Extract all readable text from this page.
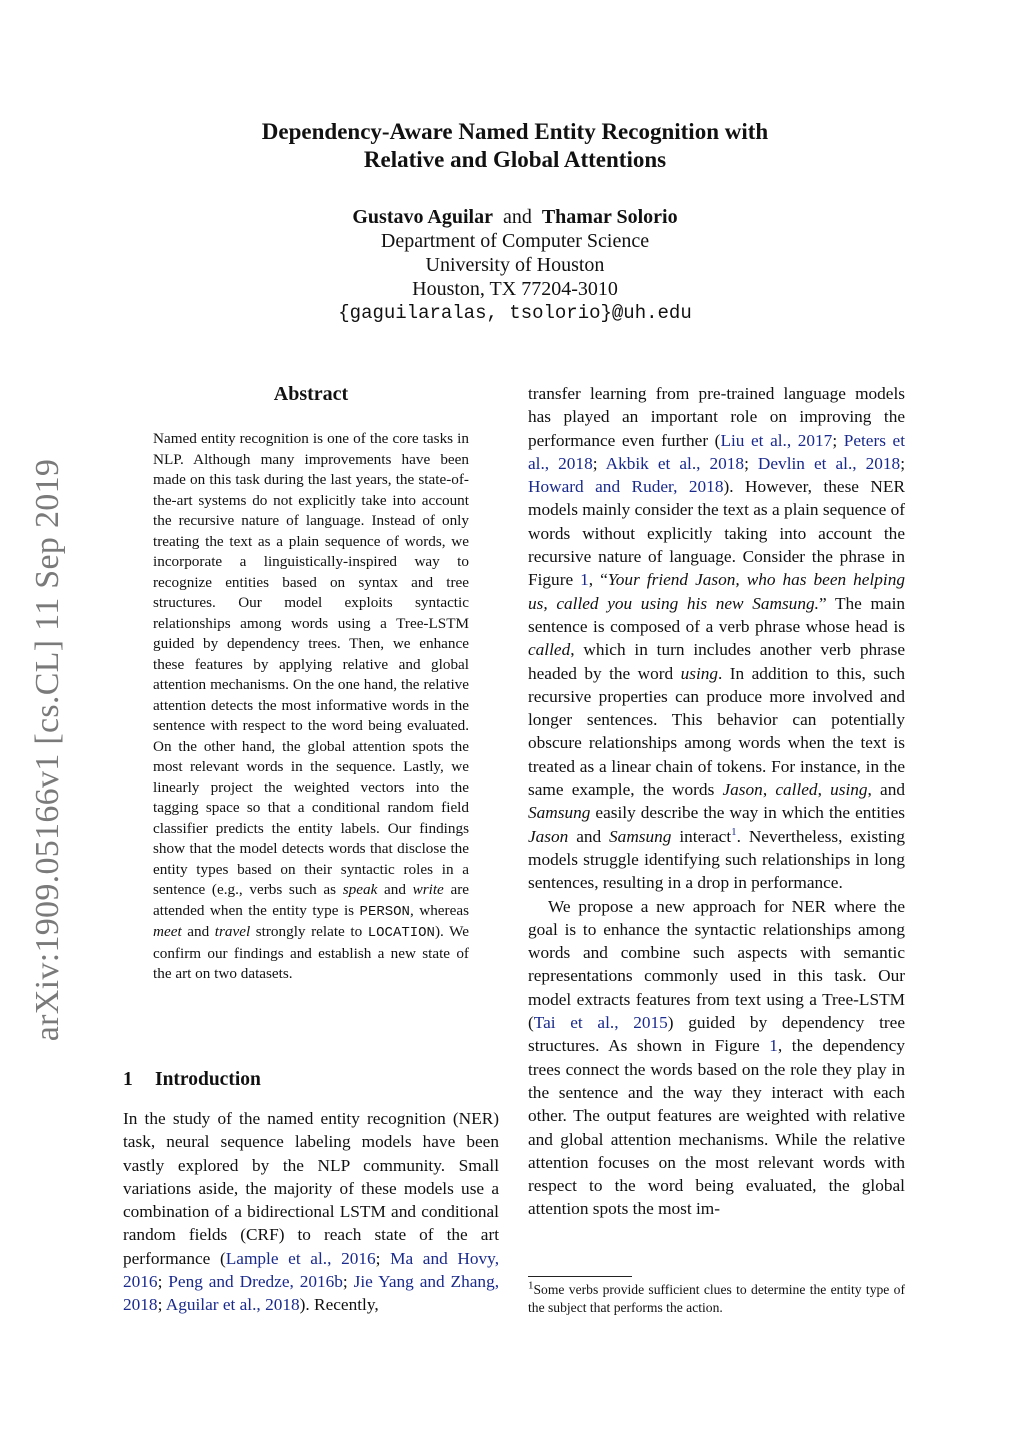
arXiv:1909.05166v1 [cs.CL] 11 Sep 2019
Dependency-Aware Named Entity Recognition with
Relative and Global Attentions
Gustavo Aguilar and Thamar Solorio
Department of Computer Science
University of Houston
Houston, TX 77204-3010
{gaguilaralas, tsolorio}@uh.edu
Abstract
Named entity recognition is one of the core tasks in NLP. Although many improvements have been made on this task during the last years, the state-of-the-art systems do not explicitly take into account the recursive nature of language. Instead of only treating the text as a plain sequence of words, we incorporate a linguistically-inspired way to recognize entities based on syntax and tree structures. Our model exploits syntactic relationships among words using a Tree-LSTM guided by dependency trees. Then, we enhance these features by applying relative and global attention mechanisms. On the one hand, the relative attention detects the most informative words in the sentence with respect to the word being evaluated. On the other hand, the global attention spots the most relevant words in the sequence. Lastly, we linearly project the weighted vectors into the tagging space so that a conditional random field classifier predicts the entity labels. Our findings show that the model detects words that disclose the entity types based on their syntactic roles in a sentence (e.g., verbs such as speak and write are attended when the entity type is PERSON, whereas meet and travel strongly relate to LOCATION). We confirm our findings and establish a new state of the art on two datasets.
1 Introduction
In the study of the named entity recognition (NER) task, neural sequence labeling models have been vastly explored by the NLP community. Small variations aside, the majority of these models use a combination of a bidirectional LSTM and conditional random fields (CRF) to reach state of the art performance (Lample et al., 2016; Ma and Hovy, 2016; Peng and Dredze, 2016b; Jie Yang and Zhang, 2018; Aguilar et al., 2018). Recently,

transfer learning from pre-trained language models has played an important role on improving the performance even further (Liu et al., 2017; Peters et al., 2018; Akbik et al., 2018; Devlin et al., 2018; Howard and Ruder, 2018). However, these NER models mainly consider the text as a plain sequence of words without explicitly taking into account the recursive nature of language. Consider the phrase in Figure 1, “Your friend Jason, who has been helping us, called you using his new Samsung.” The main sentence is composed of a verb phrase whose head is called, which in turn includes another verb phrase headed by the word using. In addition to this, such recursive properties can produce more involved and longer sentences. This behavior can potentially obscure relationships among words when the text is treated as a linear chain of tokens. For instance, in the same example, the words Jason, called, using, and Samsung easily describe the way in which the entities Jason and Samsung interact$^1$. Nevertheless, existing models struggle identifying such relationships in long sentences, resulting in a drop in performance.

We propose a new approach for NER where the goal is to enhance the syntactic relationships among words and combine such aspects with semantic representations commonly used in this task. Our model extracts features from text using a Tree-LSTM (Tai et al., 2015) guided by dependency tree structures. As shown in Figure 1, the dependency trees connect the words based on the role they play in the sentence and the way they interact with each other. The output features are weighted with relative and global attention mechanisms. While the relative attention focuses on the most relevant words with respect to the word being evaluated, the global attention spots the most im-

$^1$Some verbs provide sufficient clues to determine the entity type of the subject that performs the action.
